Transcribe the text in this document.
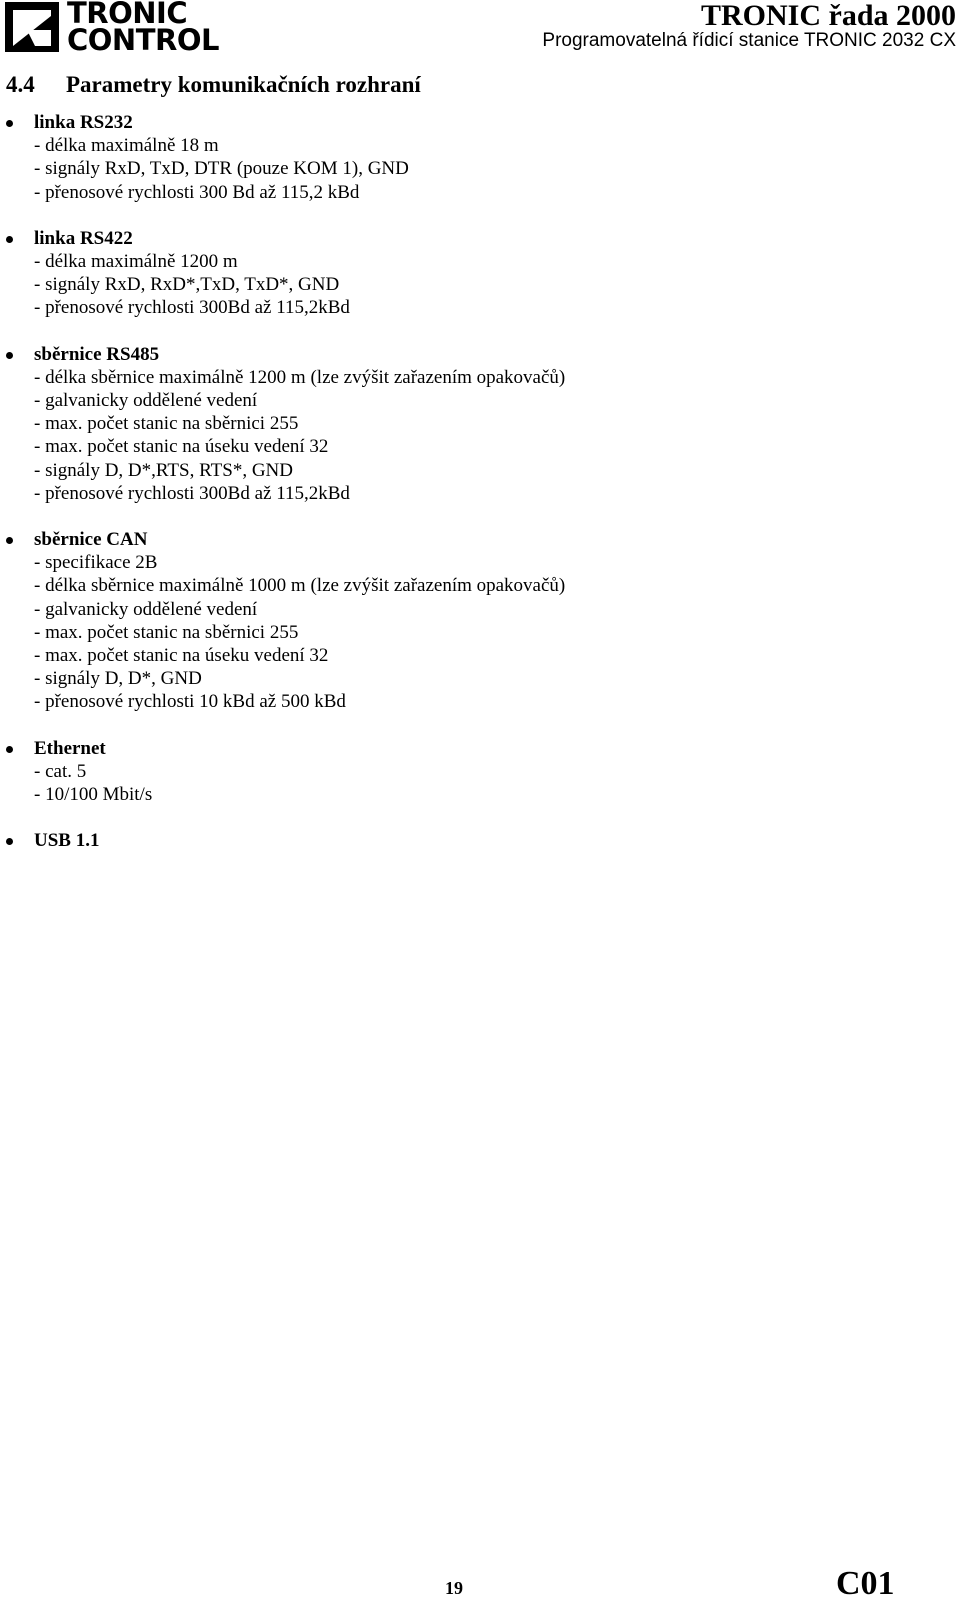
TRONIC
CONTROL
TRONIC řada 2000
Programovatelná řídicí stanice TRONIC 2032 CX
4.4 Parametry komunikačních rozhraní
linka RS232
- délka maximálně 18 m
- signály RxD, TxD, DTR (pouze KOM 1), GND
- přenosové rychlosti 300 Bd až 115,2 kBd
linka RS422
- délka maximálně 1200 m
- signály RxD, RxD*,TxD, TxD*, GND
- přenosové rychlosti 300Bd až 115,2kBd
sběrnice RS485
- délka sběrnice maximálně 1200 m (lze zvýšit zařazením opakovačů)
- galvanicky oddělené vedení
- max. počet stanic na sběrnici 255
- max. počet stanic na úseku vedení 32
- signály D, D*,RTS, RTS*, GND
- přenosové rychlosti 300Bd až 115,2kBd
sběrnice CAN
- specifikace 2B
- délka sběrnice maximálně 1000 m (lze zvýšit zařazením opakovačů)
- galvanicky oddělené vedení
- max. počet stanic na sběrnici 255
- max. počet stanic na úseku vedení 32
- signály D, D*, GND
- přenosové rychlosti 10 kBd až 500 kBd
Ethernet
- cat. 5
- 10/100 Mbit/s
USB 1.1
19	C01
